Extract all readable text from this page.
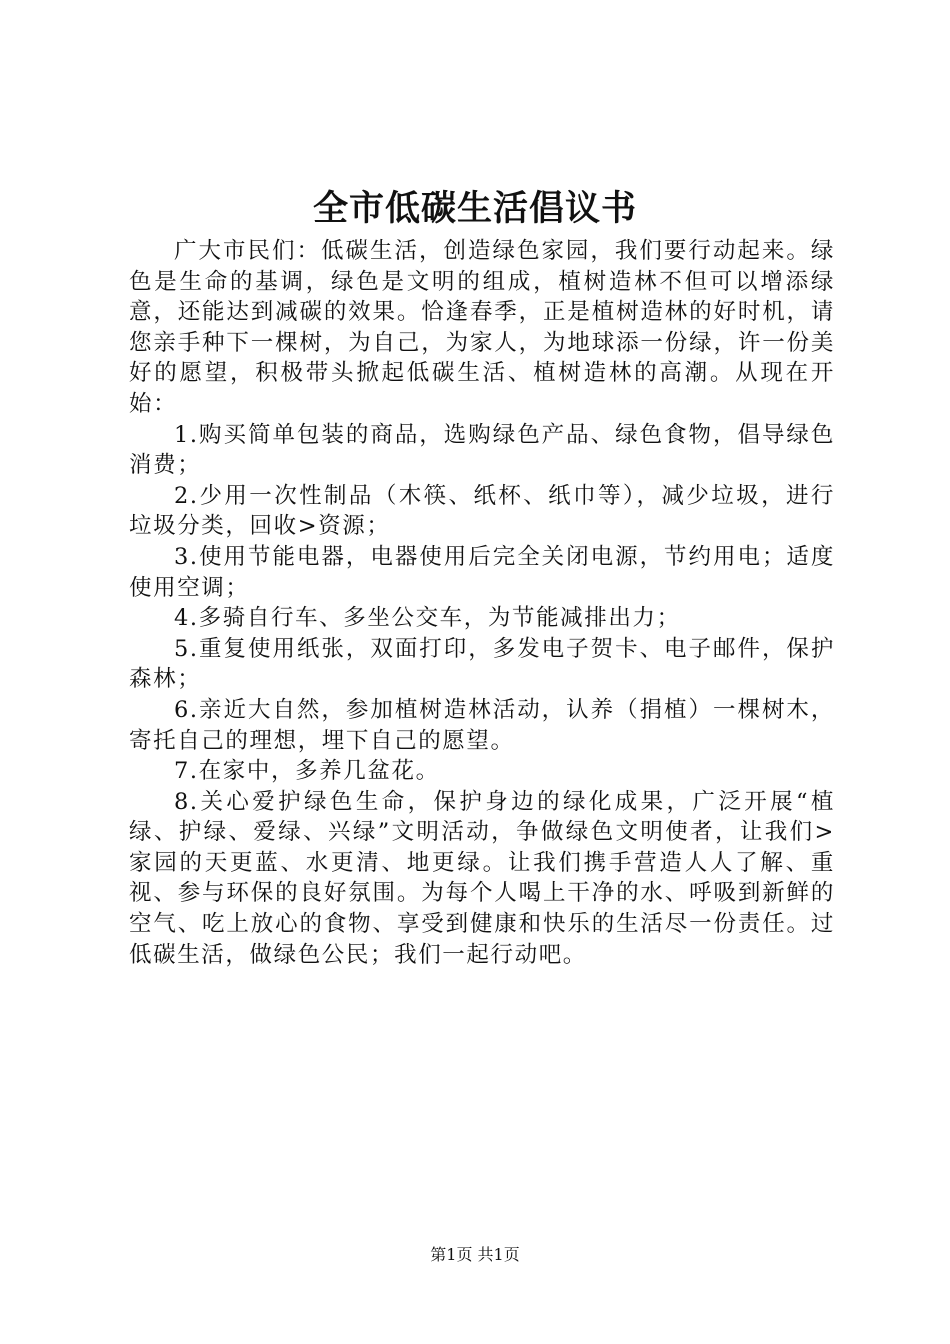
全市低碳生活倡议书

广大市民们：低碳生活，创造绿色家园，我们要行动起来。绿色是生命的基调，绿色是文明的组成，植树造林不但可以增添绿意，还能达到减碳的效果。恰逢春季，正是植树造林的好时机，请您亲手种下一棵树，为自己，为家人，为地球添一份绿，许一份美好的愿望，积极带头掀起低碳生活、植树造林的高潮。从现在开始：

1.购买简单包装的商品，选购绿色产品、绿色食物，倡导绿色消费；

2.少用一次性制品（木筷、纸杯、纸巾等），减少垃圾，进行垃圾分类，回收>资源；

3.使用节能电器，电器使用后完全关闭电源，节约用电；适度使用空调；

4.多骑自行车、多坐公交车，为节能减排出力；

5.重复使用纸张，双面打印，多发电子贺卡、电子邮件，保护森林；

6.亲近大自然，参加植树造林活动，认养（捐植）一棵树木，寄托自己的理想，埋下自己的愿望。

7.在家中，多养几盆花。

8.关心爱护绿色生命，保护身边的绿化成果，广泛开展“植绿、护绿、爱绿、兴绿”文明活动，争做绿色文明使者，让我们>家园的天更蓝、水更清、地更绿。让我们携手营造人人了解、重视、参与环保的良好氛围。为每个人喝上干净的水、呼吸到新鲜的空气、吃上放心的食物、享受到健康和快乐的生活尽一份责任。过低碳生活，做绿色公民；我们一起行动吧。

第1页 共1页
